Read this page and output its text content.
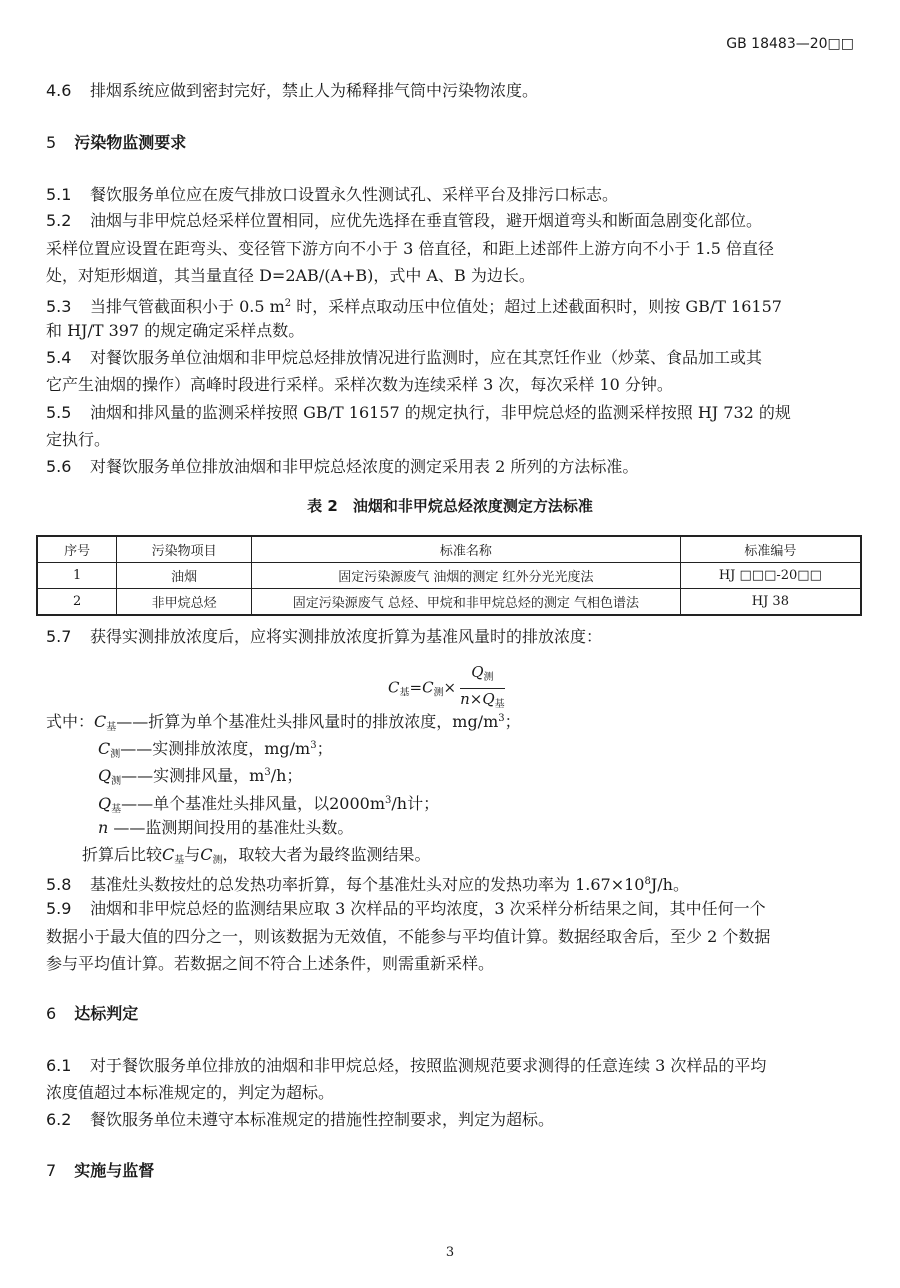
GB 18483—20□□
4.6 排烟系统应做到密封完好，禁止人为稀释排气筒中污染物浓度。
5 污染物监测要求
5.1 餐饮服务单位应在废气排放口设置永久性测试孔、采样平台及排污口标志。
5.2 油烟与非甲烷总烃采样位置相同，应优先选择在垂直管段，避开烟道弯头和断面急剧变化部位。
采样位置应设置在距弯头、变径管下游方向不小于 3 倍直径，和距上述部件上游方向不小于 1.5 倍直径
处，对矩形烟道，其当量直径 D=2AB/(A+B)，式中 A、B 为边长。
5.3 当排气管截面积小于 0.5 $m^2$ 时，采样点取动压中位值处；超过上述截面积时，则按 GB/T 16157
和 HJ/T 397 的规定确定采样点数。
5.4 对餐饮服务单位油烟和非甲烷总烃排放情况进行监测时，应在其烹饪作业（炒菜、食品加工或其
它产生油烟的操作）高峰时段进行采样。采样次数为连续采样 3 次，每次采样 10 分钟。
5.5 油烟和排风量的监测采样按照 GB/T 16157 的规定执行，非甲烷总烃的监测采样按照 HJ 732 的规
定执行。
5.6 对餐饮服务单位排放油烟和非甲烷总烃浓度的测定采用表 2 所列的方法标准。
表 2　油烟和非甲烷总烃浓度测定方法标准
序号	污染物项目	标准名称	标准编号
1	油烟	固定污染源废气 油烟的测定 红外分光光度法	HJ □□□-20□□
2	非甲烷总烃	固定污染源废气 总烃、甲烷和非甲烷总烃的测定 气相色谱法	HJ 38
5.7 获得实测排放浓度后，应将实测排放浓度折算为基准风量时的排放浓度：
$C_基=C_测\times \frac{Q_测}{n\times Q_基}$
式中：$C_基——$折算为单个基准灶头排风量时的排放浓度，$mg/m^3$；
$C_测——$实测排放浓度，$mg/m^3$；
$Q_测——$实测排风量，$m^3/h$；
$Q_基——$单个基准灶头排风量，以$2000m^3/h$计；
n ——监测期间投用的基准灶头数。
折算后比较$C_基$与$C_测$，取较大者为最终监测结果。
5.8 基准灶头数按灶的总发热功率折算，每个基准灶头对应的发热功率为 $1.67\times 10^8J/h$。
5.9 油烟和非甲烷总烃的监测结果应取 3 次样品的平均浓度，3 次采样分析结果之间，其中任何一个
数据小于最大值的四分之一，则该数据为无效值，不能参与平均值计算。数据经取舍后，至少 2 个数据
参与平均值计算。若数据之间不符合上述条件，则需重新采样。
6 达标判定
6.1 对于餐饮服务单位排放的油烟和非甲烷总烃，按照监测规范要求测得的任意连续 3 次样品的平均
浓度值超过本标准规定的，判定为超标。
6.2 餐饮服务单位未遵守本标准规定的措施性控制要求，判定为超标。
7 实施与监督
3
